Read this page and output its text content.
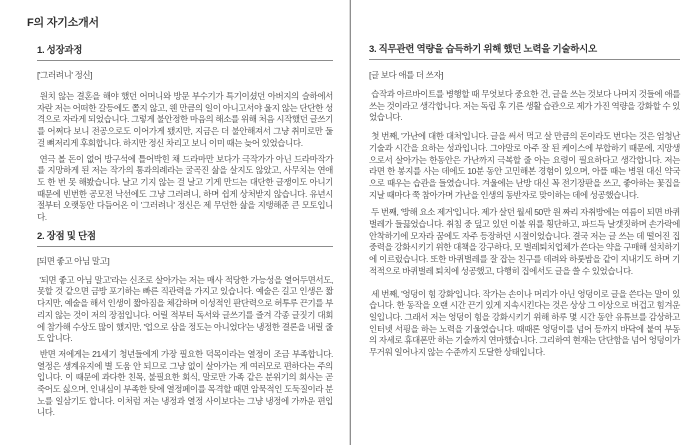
F의 자기소개서
1. 성장과정

['그러려니' 정신]

원치 않는 결혼을 해야 했던 어머니와 방문 부수기가 특기이셨던 아버지의 슬하에서 자란 저는 어떠한 갈등에도 쫄지 않고, 웬 만큼의 일이 아니고서야 울지 않는 단단한 성격으로 자라게 되었습니다. 그렇게 불안정한 마음의 해소를 위해 처음 시작했던 글쓰기를 어쩌다 보니 전공으로도 이어가게 됐지만, 지금은 더 불안해져서 그냥 취미로만 둘 걸 뼈저리게 후회합니다. 하지만 정신 차리고 보니 이미 때는 늦어 있었습니다.

연극 볼 돈이 없어 방구석에 틀어박힌 채 드라마만 보다가 극작가가 아닌 드라마작가를 지망하게 된 저는 작가의 통과의례라는 굴곡진 삶을 살지도 않았고, 사무치는 연애도 한 번 못 해봤습니다. 날고 기지 않는 걸 날고 기게 만드는 대단한 글쟁이도 아니기 때문에 빈번한 공모전 낙선에도 그냥 그러려니, 하며 쉽게 상처받지 않습니다. 유년시절부터 오랫동안 다듬어온 이 '그러려니' 정신은 제 무던한 삶을 지탱해준 큰 모토입니다.

2. 장점 및 단점

[되면 좋고 아님 말고]

'되면 좋고 아님 말고'라는 신조로 살아가는 저는 매사 적당한 가능성을 열어두면서도, 못할 것 같으면 금방 포기하는 빠른 직관력을 가지고 있습니다. 예술은 길고 인생은 짧다지만, 예술을 해서 인생이 짧아짐을 체감하며 이성적인 판단력으로 허투루 끈기를 부리지 않는 것이 저의 장점입니다. 어릴 적부터 독서와 글쓰기를 즐겨 각종 글짓기 대회에 참가해 수상도 많이 했지만, '업으로 삼을 정도는 아니었다'는 냉정한 결론을 내릴 줄도 압니다.

반면 저에게는 21세기 청년들에게 가장 필요한 덕목이라는 열정이 조금 부족합니다. 열정은 생계유지에 별 도움 안 되므로 그냥 없이 살아가는 게 여러모로 편하다는 주의입니다. 이 때문에 과다한 친목, 불필요한 회식, 말로만 가족 같은 분위기의 회사는 곧 죽어도 싫으며, 인내심이 부족한 탓에 열정페이를 목격할 때면 암묵적인 도둑질이라 분노를 일삼기도 합니다. 이처럼 저는 냉정과 열정 사이보다는 그냥 냉정에 가까운 편입니다.

3. 직무관련 역량을 습득하기 위해 했던 노력을 기술하시오

[글 보다 애를 더 쓰자]

습작과 아르바이트를 병행할 때 무엇보다 중요한 건, 글을 쓰는 것보다 나머지 것들에 애를 쓰는 것이라고 생각합니다. 저는 독립 후 기른 생활 습관으로 제가 가진 역량을 강화할 수 있었습니다.

첫 번째, '가난에 대한 대처'입니다. 글을 써서 먹고 살 만큼의 돈이라도 번다는 것은 엄청난 기술과 시간을 요하는 성과입니다. 그야말로 아주 잘 된 케이스에 부합하기 때문에, 지망생으로서 살아가는 한동안은 가난까지 극복할 줄 아는 요령이 필요하다고 생각합니다. 저는 라면 한 봉지를 사는 데에도 10분 동안 고민해본 경험이 있으며, 아플 때는 병원 대신 약국으로 때우는 습관을 들였습니다. 겨울에는 난방 대신 꼭 전기장판을 쓰고, 좋아하는 꽃집을 지날 때마다 쭉 참아가며 가난을 인생의 동반자로 맞이하는 데에 성공했습니다.

두 번째, '방해 요소 제거'입니다. 제가 살던 월세 50만 원 짜리 자취방에는 여름이 되면 바퀴벌레가 들끓었습니다. 취침 중 덮고 있던 이불 위를 횡단하고, 파드득 날갯짓하며 손가락에 안착하기에 모자라 꿈에도 자주 등장하던 시절이었습니다. 결국 저는 글 쓰는 데 떨어진 집중력을 강화시키기 위한 대책을 강구하다, 모 벌레퇴치업체가 쓴다는 약을 구매해 설치하기에 이르렀습니다. 또한 바퀴벌레를 잘 잡는 친구를 데려와 하룻밤을 같이 지내기도 하며 기적적으로 바퀴벌레 퇴치에 성공했고, 다행히 집에서도 글을 쓸 수 있었습니다.

세 번째, '엉덩이 힘 강화'입니다. 작가는 손이나 머리가 아닌 엉덩이로 글을 쓴다는 말이 있습니다. 한 동작을 오랜 시간 끈기 있게 지속시킨다는 것은 상상 그 이상으로 버겁고 힘겨운 일입니다. 그래서 저는 엉덩이 힘을 강화시키기 위해 하루 몇 시간 동안 유튜브를 감상하고 인터넷 서핑을 하는 노력을 기울였습니다. 때때론 엉덩이를 넘어 등까지 바닥에 붙여 부동의 자세로 휴대폰만 하는 기술까지 연마했습니다. 그리하여 현재는 단단함을 넘어 엉덩이가 무거워 일어나지 않는 수준까지 도달한 상태입니다.
